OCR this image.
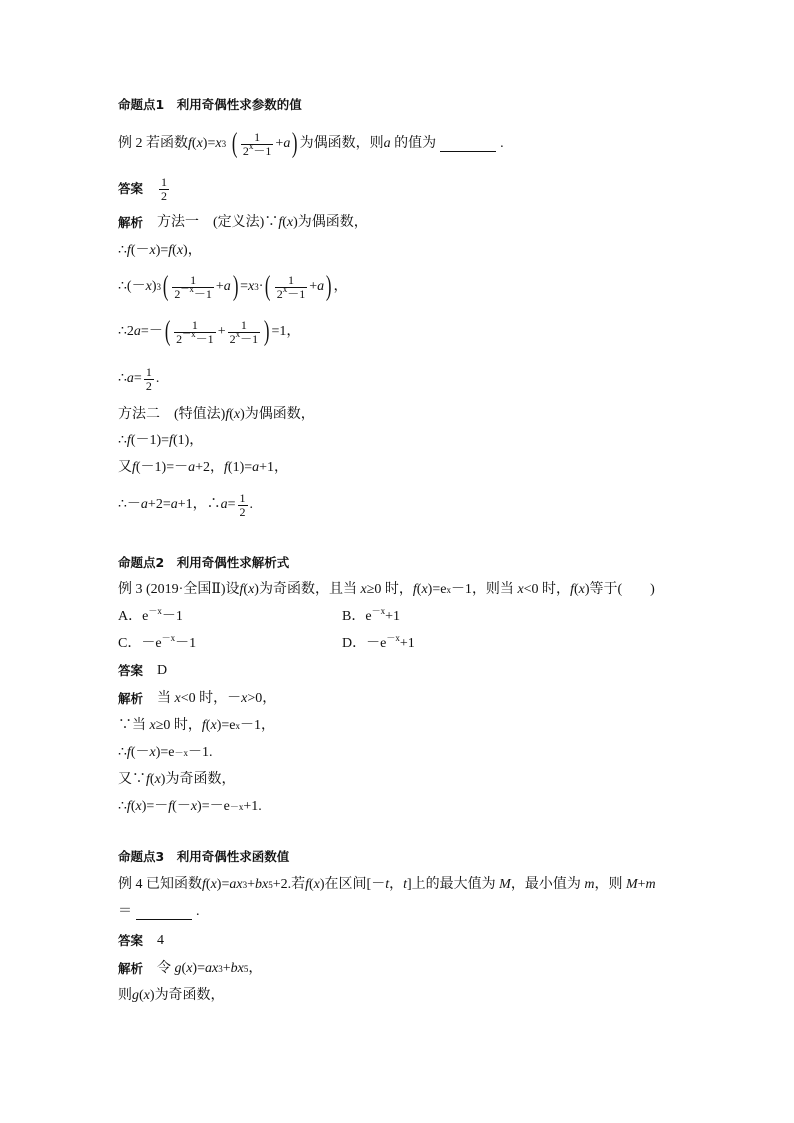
命题点1　利用奇偶性求参数的值
例 2
若函数 f ( x )= x 3
( $\frac{1}{2^x-1} + a$ ) 为偶函数，则 a
的值为	.
答案 $\frac{1}{2}$
解析 方法一　(定义法)∵ f ( x ) 为偶函数，
∴ f (－ x )= f ( x )，
∴ (－ x ) 3 ( $\frac{1}{2^{-x}-1} + a$ ) = x 3 · ( $\frac{1}{2^x-1} + a$ ) ，
∴ 2 a =－ ( $\frac{1}{2^{-x}-1} + \frac{1}{2^x-1}$ ) =1，
∴ $a = \frac{1}{2}$ .
方法二　(特值法) f ( x ) 为偶函数，
∴ f (－1)= f (1)，
又 f (－1)=－ a +2， f (1)= a +1，
∴－ a +2= a +1，∴ $a = \frac{1}{2}$ .
命题点2　利用奇偶性求解析式
例 3
(2019·全国Ⅱ)设 f ( x ) 为奇函数，且当
x ≥0 时， f ( x )=e x －1 ，则当
x <0 时， f ( x ) 等于(　　)
A．$e^{-x}-1$	B．$e^{-x}+1$
C．$-e^{-x}-1$	D．$-e^{-x}+1$
答案 D
解析 当
x <0 时，－ x >0，
∵当
x ≥0 时， f ( x )=e x －1，
∴ f (－ x )=e －x －1.
又∵ f ( x ) 为奇函数，
∴ f ( x )=－ f (－ x )=－e －x +1.
命题点3　利用奇偶性求函数值
例 4
已知函数 f ( x )= ax 3 + bx 5 +2. 若 f ( x ) 在区间[－ t ， t ]上的最大值为
M ，最小值为
m ，则
M + m
＝	.
答案 4
解析 令
g ( x )= ax 3 + bx 5 ，
则 g ( x ) 为奇函数，
